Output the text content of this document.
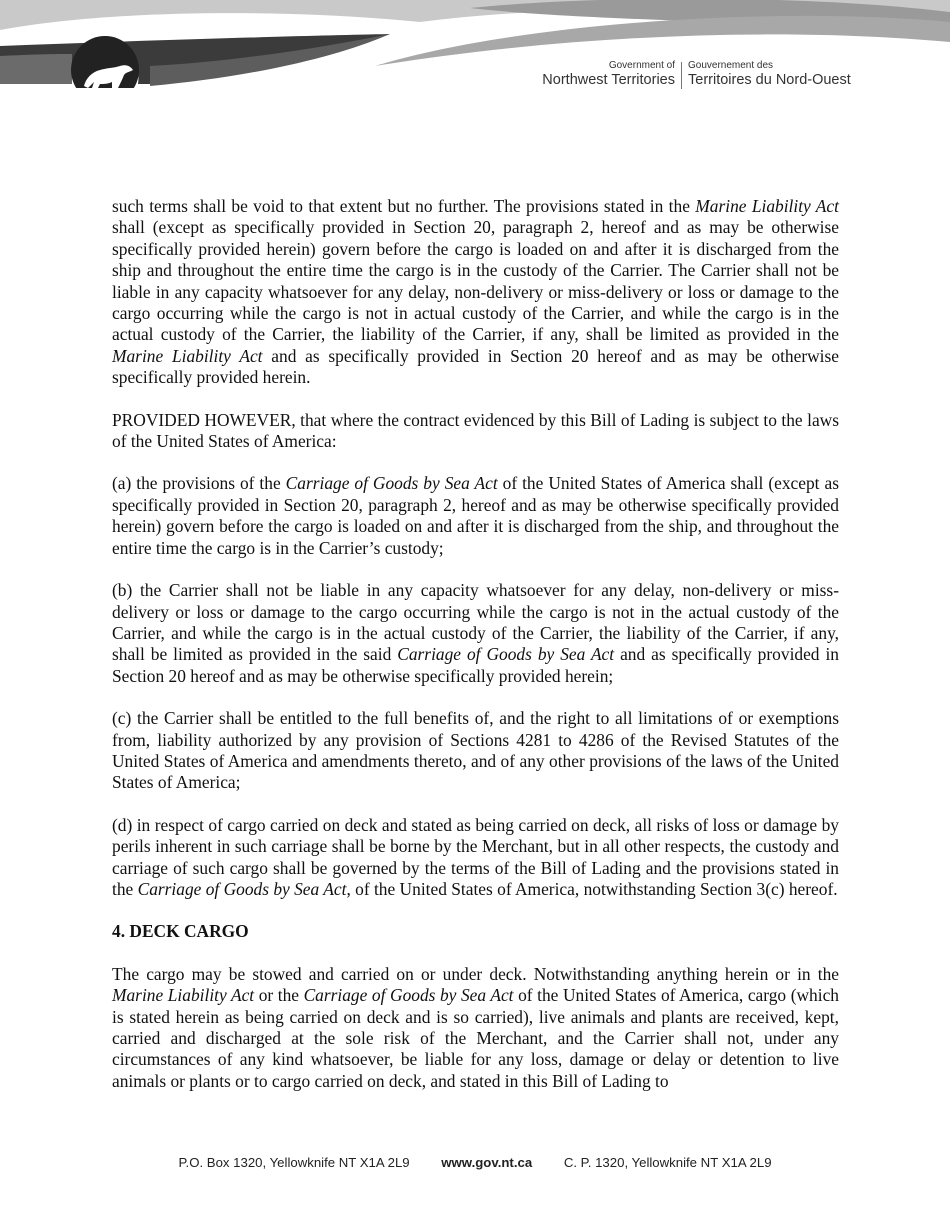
Government of
Northwest Territories
Gouvernement des
Territoires du Nord-Ouest

such terms shall be void to that extent but no further. The provisions stated in the Marine Liability Act shall (except as specifically provided in Section 20, paragraph 2, hereof and as may be otherwise specifically provided herein) govern before the cargo is loaded on and after it is discharged from the ship and throughout the entire time the cargo is in the custody of the Carrier. The Carrier shall not be liable in any capacity whatsoever for any delay, non-delivery or miss-delivery or loss or damage to the cargo occurring while the cargo is not in actual custody of the Carrier, and while the cargo is in the actual custody of the Carrier, the liability of the Carrier, if any, shall be limited as provided in the Marine Liability Act and as specifically provided in Section 20 hereof and as may be otherwise specifically provided herein.

PROVIDED HOWEVER, that where the contract evidenced by this Bill of Lading is subject to the laws of the United States of America:

(a) the provisions of the Carriage of Goods by Sea Act of the United States of America shall (except as specifically provided in Section 20, paragraph 2, hereof and as may be otherwise specifically provided herein) govern before the cargo is loaded on and after it is discharged from the ship, and throughout the entire time the cargo is in the Carrier’s custody;

(b) the Carrier shall not be liable in any capacity whatsoever for any delay, non-delivery or miss-delivery or loss or damage to the cargo occurring while the cargo is not in the actual custody of the Carrier, and while the cargo is in the actual custody of the Carrier, the liability of the Carrier, if any, shall be limited as provided in the said Carriage of Goods by Sea Act and as specifically provided in Section 20 hereof and as may be otherwise specifically provided herein;

(c) the Carrier shall be entitled to the full benefits of, and the right to all limitations of or exemptions from, liability authorized by any provision of Sections 4281 to 4286 of the Revised Statutes of the United States of America and amendments thereto, and of any other provisions of the laws of the United States of America;

(d) in respect of cargo carried on deck and stated as being carried on deck, all risks of loss or damage by perils inherent in such carriage shall be borne by the Merchant, but in all other respects, the custody and carriage of such cargo shall be governed by the terms of the Bill of Lading and the provisions stated in the Carriage of Goods by Sea Act, of the United States of America, notwithstanding Section 3(c) hereof.

4. DECK CARGO

The cargo may be stowed and carried on or under deck. Notwithstanding anything herein or in the Marine Liability Act or the Carriage of Goods by Sea Act of the United States of America, cargo (which is stated herein as being carried on deck and is so carried), live animals and plants are received, kept, carried and discharged at the sole risk of the Merchant, and the Carrier shall not, under any circumstances of any kind whatsoever, be liable for any loss, damage or delay or detention to live animals or plants or to cargo carried on deck, and stated in this Bill of Lading to

P.O. Box 1320, Yellowknife NT X1A 2L9 www.gov.nt.ca C. P. 1320, Yellowknife NT X1A 2L9
